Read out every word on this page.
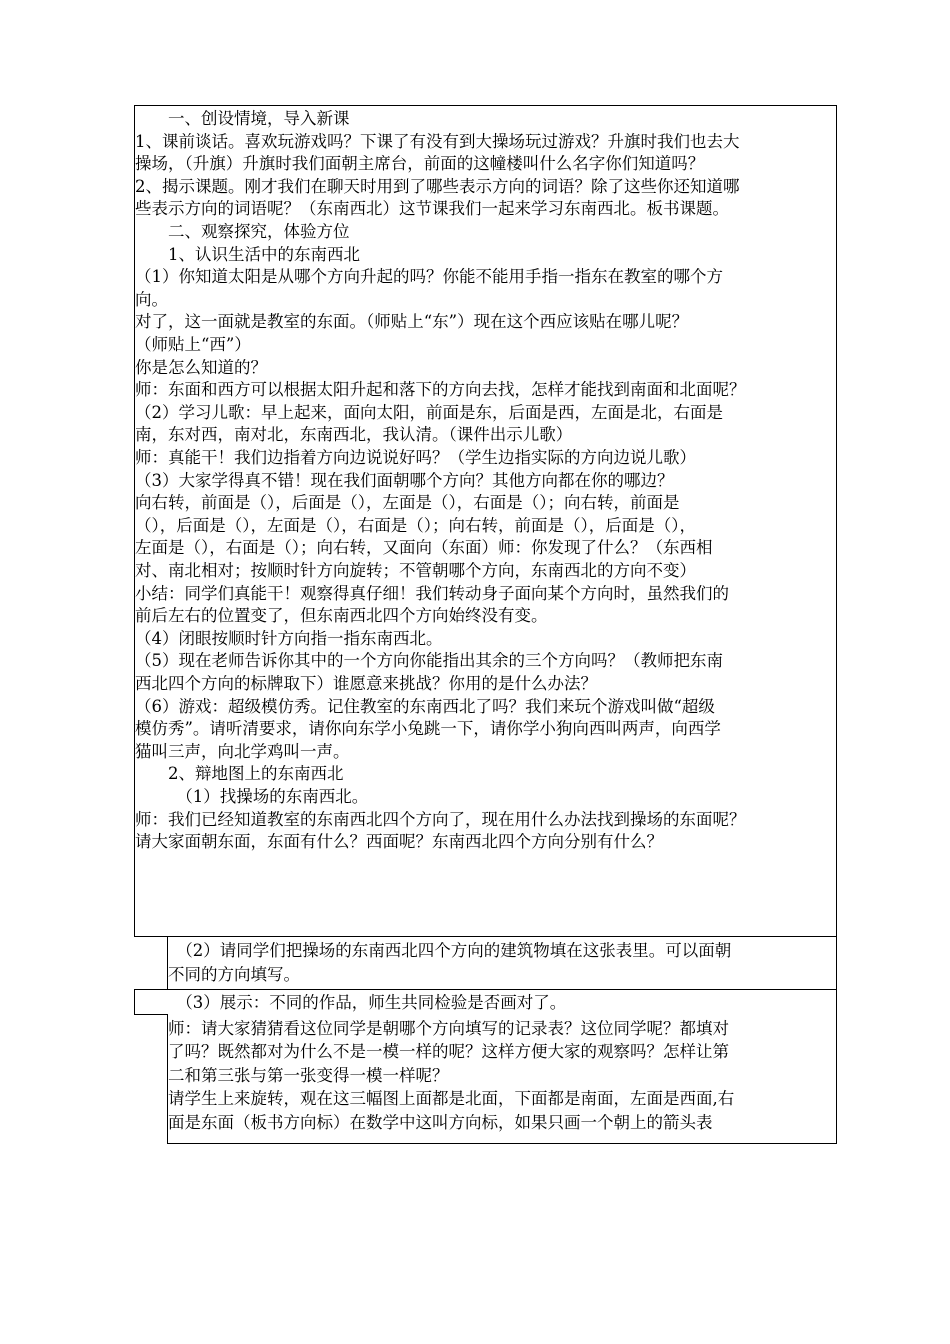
　　一、创设情境，导入新课
1、课前谈话。喜欢玩游戏吗？下课了有没有到大操场玩过游戏？升旗时我们也去大
操场，（升旗）升旗时我们面朝主席台，前面的这幢楼叫什么名字你们知道吗？
2、揭示课题。刚才我们在聊天时用到了哪些表示方向的词语？除了这些你还知道哪
些表示方向的词语呢？（东南西北）这节课我们一起来学习东南西北。板书课题。
　　二、观察探究，体验方位
　　1、认识生活中的东南西北
（1）你知道太阳是从哪个方向升起的吗？你能不能用手指一指东在教室的哪个方
向。
对了，这一面就是教室的东面。（师贴上“东”）现在这个西应该贴在哪儿呢？
（师贴上“西”）
你是怎么知道的？
师：东面和西方可以根据太阳升起和落下的方向去找，怎样才能找到南面和北面呢？
（2）学习儿歌：早上起来，面向太阳，前面是东，后面是西，左面是北，右面是
南，东对西，南对北，东南西北，我认清。（课件出示儿歌）
师：真能干！我们边指着方向边说说好吗？（学生边指实际的方向边说儿歌）
（3）大家学得真不错！现在我们面朝哪个方向？其他方向都在你的哪边？
向右转，前面是（），后面是（），左面是（），右面是（）；向右转，前面是
（），后面是（），左面是（），右面是（）；向右转，前面是（），后面是（），
左面是（），右面是（）；向右转，又面向（东面）师：你发现了什么？（东西相
对、南北相对；按顺时针方向旋转；不管朝哪个方向，东南西北的方向不变）
小结：同学们真能干！观察得真仔细！我们转动身子面向某个方向时，虽然我们的
前后左右的位置变了，但东南西北四个方向始终没有变。
（4）闭眼按顺时针方向指一指东南西北。
（5）现在老师告诉你其中的一个方向你能指出其余的三个方向吗？（教师把东南
西北四个方向的标牌取下）谁愿意来挑战？你用的是什么办法？
（6）游戏：超级模仿秀。记住教室的东南西北了吗？我们来玩个游戏叫做“超级
模仿秀”。请听清要求，请你向东学小兔跳一下，请你学小狗向西叫两声，向西学
猫叫三声，向北学鸡叫一声。
　　2、辩地图上的东南西北
　　　（1）找操场的东南西北。
师：我们已经知道教室的东南西北四个方向了，现在用什么办法找到操场的东面呢？
请大家面朝东面，东面有什么？西面呢？东南西北四个方向分别有什么？
　（2）请同学们把操场的东南西北四个方向的建筑物填在这张表里。可以面朝
不同的方向填写。
　　　（3）展示：不同的作品，师生共同检验是否画对了。
师：请大家猜猜看这位同学是朝哪个方向填写的记录表？这位同学呢？都填对
了吗？既然都对为什么不是一模一样的呢？这样方便大家的观察吗？怎样让第
二和第三张与第一张变得一模一样呢？
请学生上来旋转，观在这三幅图上面都是北面，下面都是南面，左面是西面,右
面是东面（板书方向标）在数学中这叫方向标，如果只画一个朝上的箭头表
